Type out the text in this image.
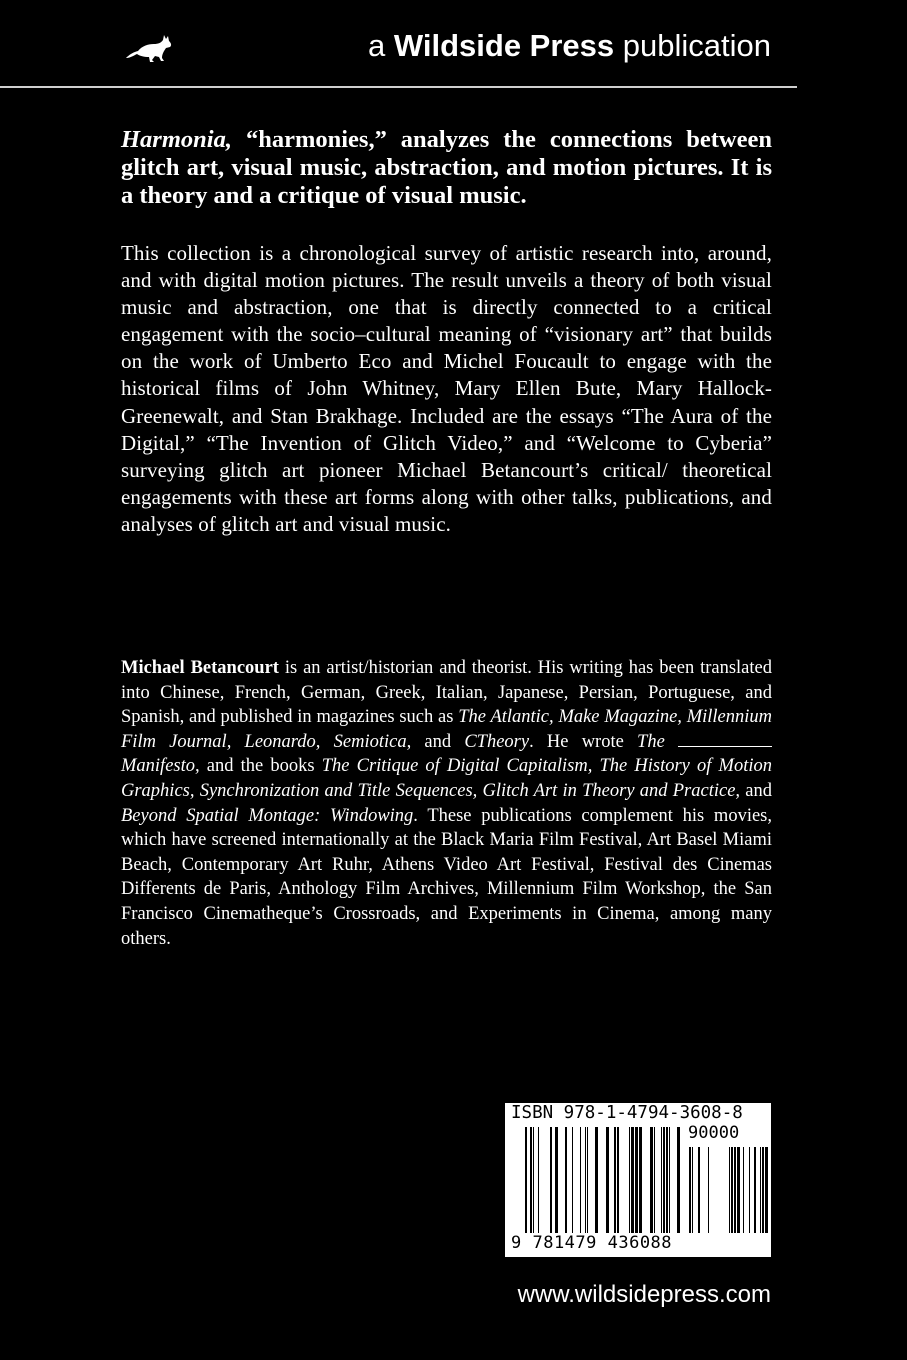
a Wildside Press publication
Harmonia, “harmonies,” analyzes the connections between glitch art, visual music, abstraction, and motion pictures. It is a theory and a critique of visual music.
This collection is a chronological survey of artistic research into, around, and with digital motion pictures. The result unveils a theory of both visual music and abstraction, one that is directly connected to a critical engagement with the socio–cultural meaning of “visionary art” that builds on the work of Umberto Eco and Michel Foucault to engage with the historical films of John Whitney, Mary Ellen Bute, Mary Hallock-Greenewalt, and Stan Brakhage. Included are the essays “The Aura of the Digital,” “The Invention of Glitch Video,” and “Welcome to Cyberia” surveying glitch art pioneer Michael Betancourt’s critical/ theoretical engagements with these art forms along with other talks, publications, and analyses of glitch art and visual music.
Michael Betancourt is an artist/historian and theorist. His writing has been translated into Chinese, French, German, Greek, Italian, Japanese, Persian, Portuguese, and Spanish, and published in magazines such as The Atlantic, Make Magazine, Millennium Film Journal, Leonardo, Semiotica, and CTheory. He wrote The  Manifesto, and the books The Critique of Digital Capitalism, The History of Motion Graphics, Synchronization and Title Sequences, Glitch Art in Theory and Practice, and Beyond Spatial Montage: Windowing. These publications complement his movies, which have screened internationally at the Black Maria Film Festival, Art Basel Miami Beach, Contemporary Art Ruhr, Athens Video Art Festival, Festival des Cinemas Differents de Paris, Anthology Film Archives, Millennium Film Workshop, the San Francisco Cinematheque’s Crossroads, and Experiments in Cinema, among many others.
ISBN 978-1-4794-3608-8
90000
9 781479 436088
www.wildsidepress.com
